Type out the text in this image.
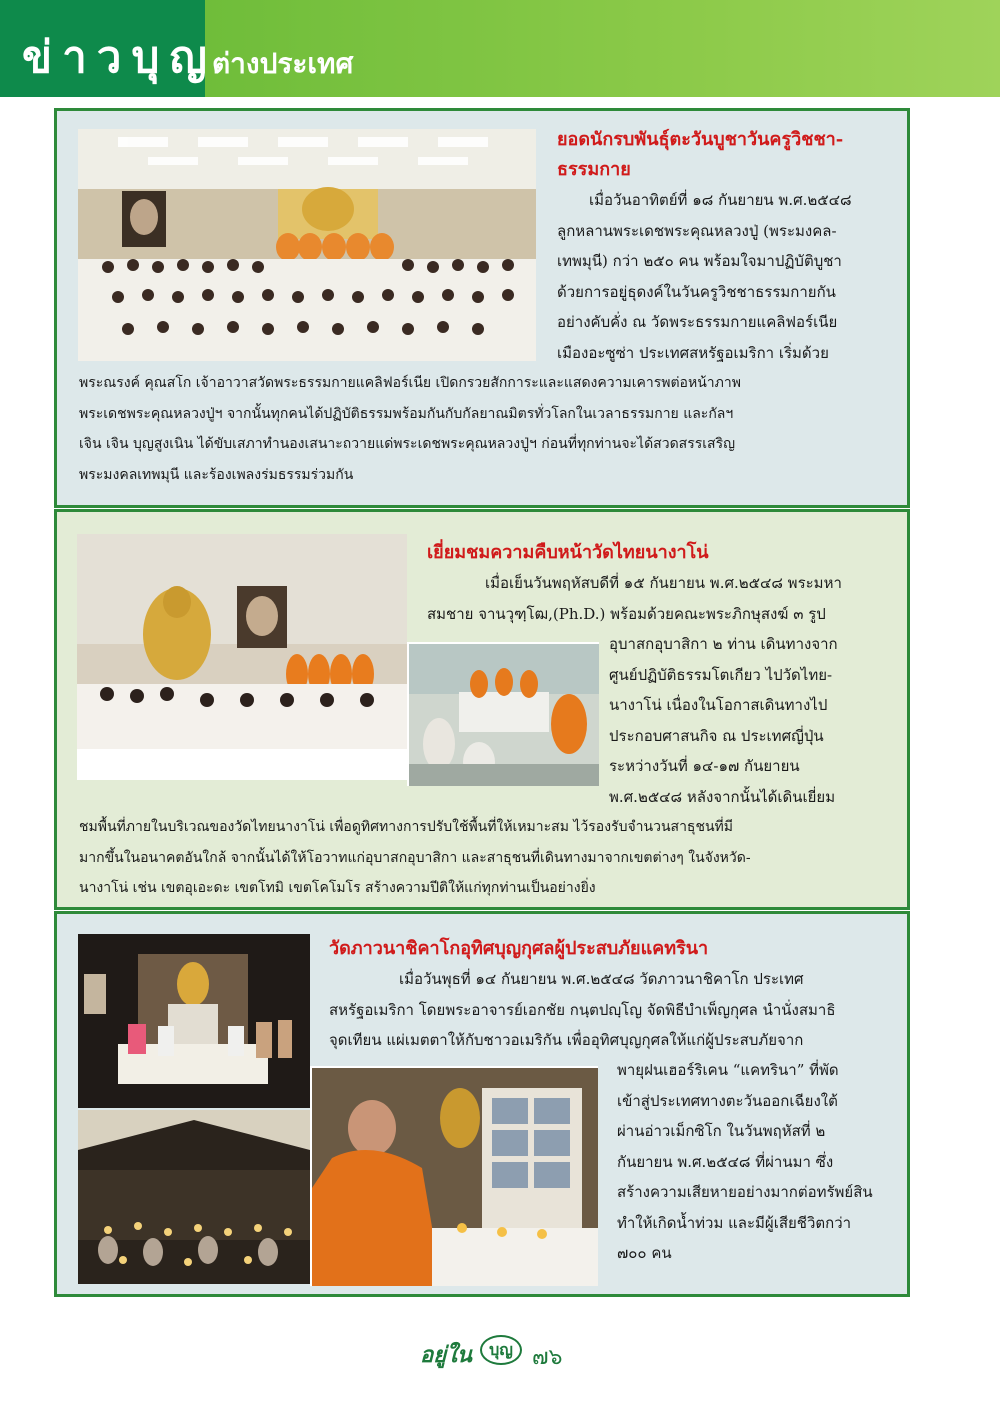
ข่าวบุญ
ต่างประเทศ
ยอดนักรบพันธุ์ตะวันบูชาวันครูวิชชา-
ธรรมกาย
เมื่อวันอาทิตย์ที่ ๑๘ กันยายน พ.ศ.๒๕๔๘
ลูกหลานพระเดชพระคุณหลวงปู่ (พระมงคล-
เทพมุนี) กว่า ๒๕๐ คน พร้อมใจมาปฏิบัติบูชา
ด้วยการอยู่ธุดงค์ในวันครูวิชชาธรรมกายกัน
อย่างคับคั่ง ณ วัดพระธรรมกายแคลิฟอร์เนีย
เมืองอะซูซ่า ประเทศสหรัฐอเมริกา เริ่มด้วย
พระณรงค์ คุณสโก เจ้าอาวาสวัดพระธรรมกายแคลิฟอร์เนีย เปิดกรวยสักการะและแสดงความเคารพต่อหน้าภาพ
พระเดชพระคุณหลวงปู่ฯ จากนั้นทุกคนได้ปฏิบัติธรรมพร้อมกันกับกัลยาณมิตรทั่วโลกในเวลาธรรมกาย และกัลฯ
เจิน เจิน บุญสูงเนิน ได้ขับเสภาทำนองเสนาะถวายแด่พระเดชพระคุณหลวงปู่ฯ ก่อนที่ทุกท่านจะได้สวดสรรเสริญ
พระมงคลเทพมุนี และร้องเพลงร่มธรรมร่วมกัน
เยี่ยมชมความคืบหน้าวัดไทยนางาโน่
เมื่อเย็นวันพฤหัสบดีที่ ๑๕ กันยายน พ.ศ.๒๕๔๘ พระมหา
สมชาย จานวุฑฺโฒ,(Ph.D.) พร้อมด้วยคณะพระภิกษุสงฆ์ ๓ รูป
อุบาสกอุบาสิกา ๒ ท่าน เดินทางจาก
ศูนย์ปฏิบัติธรรมโตเกียว ไปวัดไทย-
นางาโน่ เนื่องในโอกาสเดินทางไป
ประกอบศาสนกิจ ณ ประเทศญี่ปุ่น
ระหว่างวันที่ ๑๔-๑๗ กันยายน
พ.ศ.๒๕๔๘ หลังจากนั้นได้เดินเยี่ยม
ชมพื้นที่ภายในบริเวณของวัดไทยนางาโน่ เพื่อดูทิศทางการปรับใช้พื้นที่ให้เหมาะสม ไว้รองรับจำนวนสาธุชนที่มี
มากขึ้นในอนาคตอันใกล้ จากนั้นได้ให้โอวาทแก่อุบาสกอุบาสิกา และสาธุชนที่เดินทางมาจากเขตต่างๆ ในจังหวัด-
นางาโน่ เช่น เขตอุเอะดะ เขตโทมิ เขตโคโมโร สร้างความปีติให้แก่ทุกท่านเป็นอย่างยิ่ง
วัดภาวนาชิคาโกอุทิศบุญกุศลผู้ประสบภัยแคทรินา
เมื่อวันพุธที่ ๑๔ กันยายน พ.ศ.๒๕๔๘ วัดภาวนาชิคาโก ประเทศ
สหรัฐอเมริกา โดยพระอาจารย์เอกชัย กนฺตปญฺโญ จัดพิธีบำเพ็ญกุศล นำนั่งสมาธิ
จุดเทียน แผ่เมตตาให้กับชาวอเมริกัน เพื่ออุทิศบุญกุศลให้แก่ผู้ประสบภัยจาก
พายุฝนเฮอร์ริเคน “แคทรินา” ที่พัด
เข้าสู่ประเทศทางตะวันออกเฉียงใต้
ผ่านอ่าวเม็กซิโก ในวันพฤหัสที่ ๒
กันยายน พ.ศ.๒๕๔๘ ที่ผ่านมา ซึ่ง
สร้างความเสียหายอย่างมากต่อทรัพย์สิน
ทำให้เกิดน้ำท่วม และมีผู้เสียชีวิตกว่า
๗๐๐ คน
อยู่ใน	บุญ ๗๖
